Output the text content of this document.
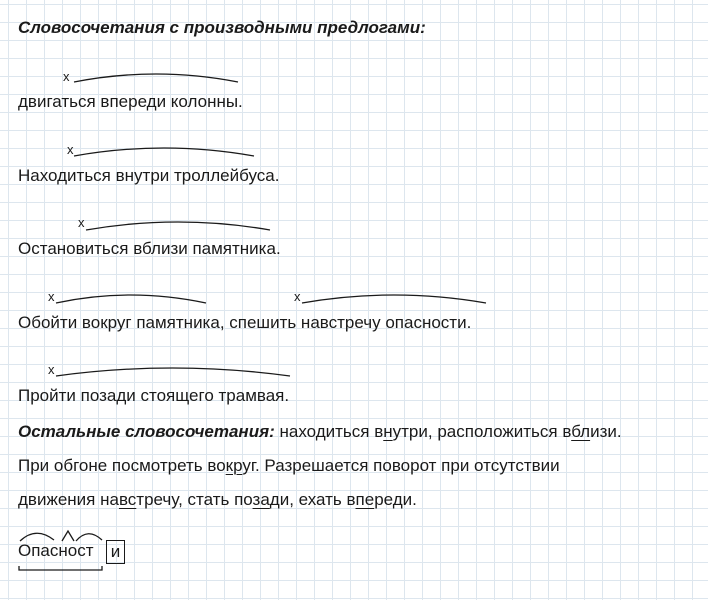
Словосочетания с производными предлогами:

x

двигаться впереди колонны.

x

Находиться внутри троллейбуса.

x

Остановиться вблизи памятника.

x	x

Обойти вокруг памятника, спешить навстречу опасности.

x

Пройти позади стоящего трамвая.

Остальные словосочетания: находиться внутри, расположиться вблизи.

При обгоне посмотреть вокруг. Разрешается поворот при отсутствии

движения навстречу, стать позади, ехать впереди.

Опасност и
